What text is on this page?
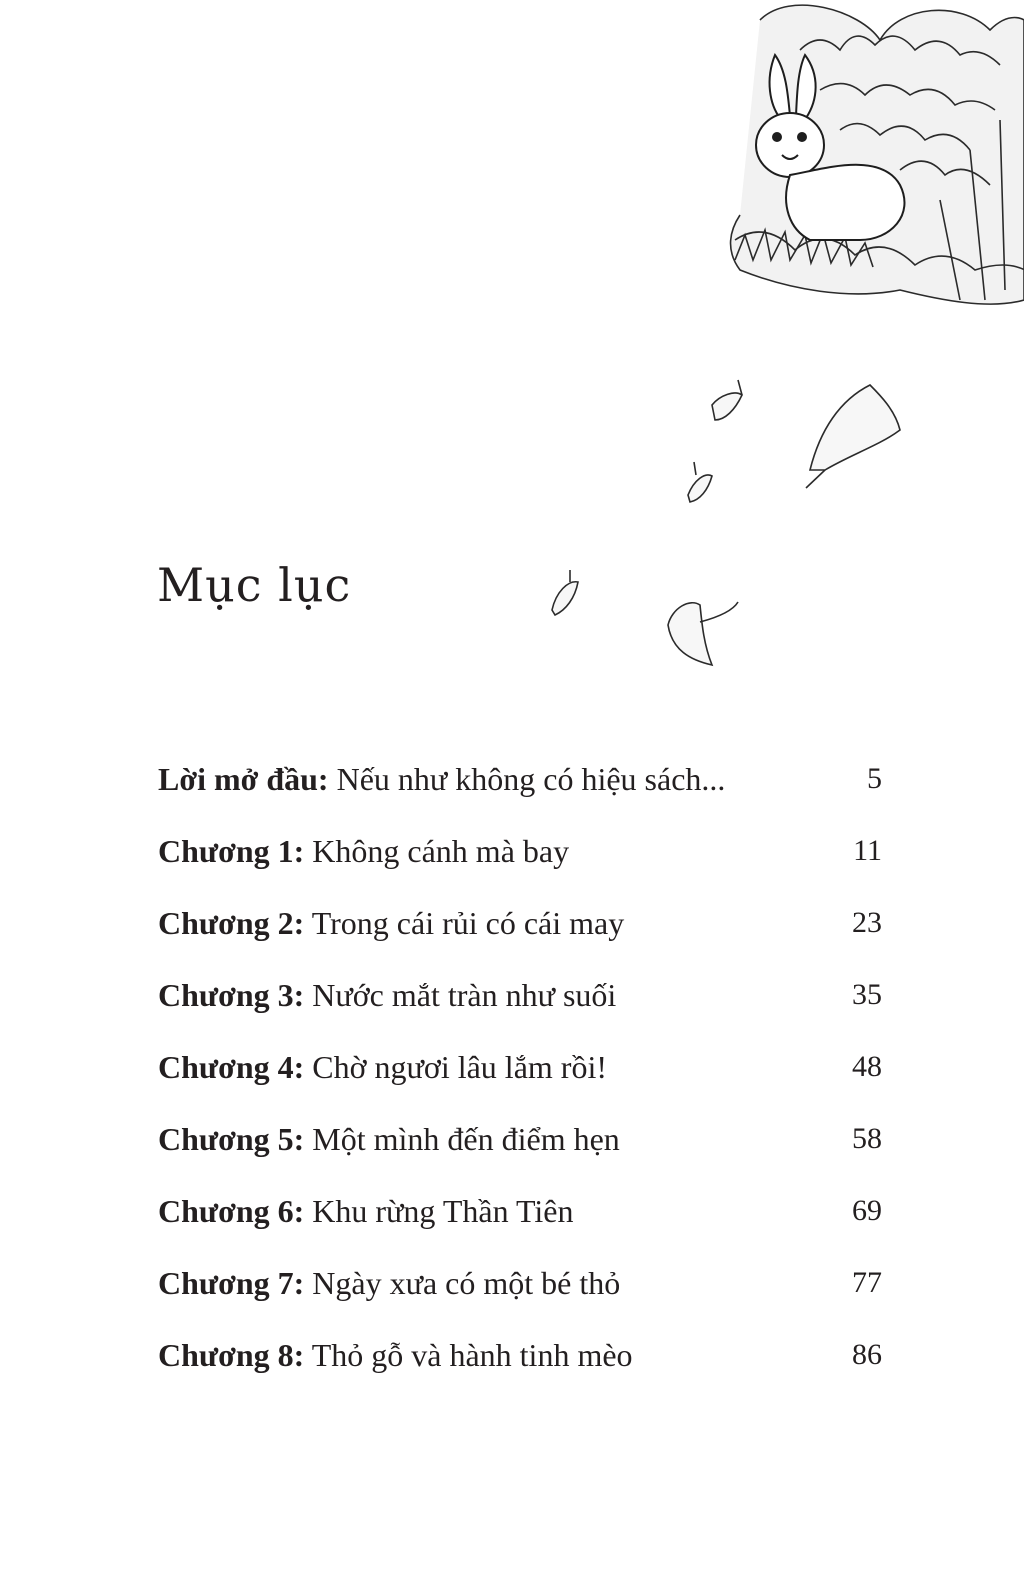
Mục lục
Lời mở đầu: Nếu như không có hiệu sách...	5
Chương 1: Không cánh mà bay	11
Chương 2: Trong cái rủi có cái may	23
Chương 3: Nước mắt tràn như suối	35
Chương 4: Chờ ngươi lâu lắm rồi!	48
Chương 5: Một mình đến điểm hẹn	58
Chương 6: Khu rừng Thần Tiên	69
Chương 7: Ngày xưa có một bé thỏ	77
Chương 8: Thỏ gỗ và hành tinh mèo	86
